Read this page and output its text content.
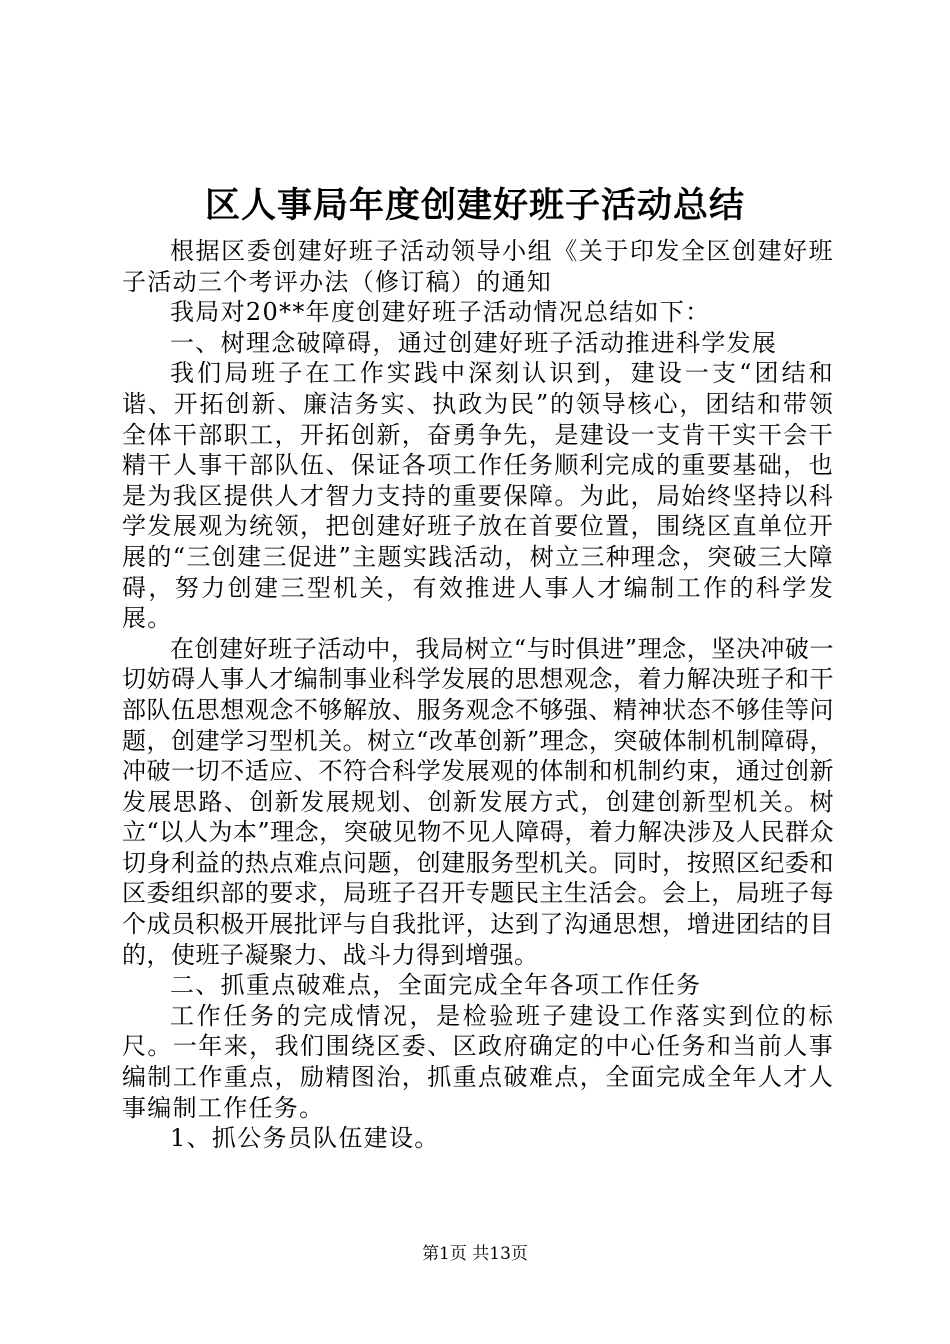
区人事局年度创建好班子活动总结

根据区委创建好班子活动领导小组《关于印发全区创建好班子活动三个考评办法（修订稿）的通知

我局对20**年度创建好班子活动情况总结如下：

一、树理念破障碍，通过创建好班子活动推进科学发展

我们局班子在工作实践中深刻认识到，建设一支“团结和谐、开拓创新、廉洁务实、执政为民”的领导核心，团结和带领全体干部职工，开拓创新，奋勇争先，是建设一支肯干实干会干精干人事干部队伍、保证各项工作任务顺利完成的重要基础，也是为我区提供人才智力支持的重要保障。为此，局始终坚持以科学发展观为统领，把创建好班子放在首要位置，围绕区直单位开展的“三创建三促进”主题实践活动，树立三种理念，突破三大障碍，努力创建三型机关，有效推进人事人才编制工作的科学发展。

在创建好班子活动中，我局树立“与时俱进”理念，坚决冲破一切妨碍人事人才编制事业科学发展的思想观念，着力解决班子和干部队伍思想观念不够解放、服务观念不够强、精神状态不够佳等问题，创建学习型机关。树立“改革创新”理念，突破体制机制障碍，冲破一切不适应、不符合科学发展观的体制和机制约束，通过创新发展思路、创新发展规划、创新发展方式，创建创新型机关。树立“以人为本”理念，突破见物不见人障碍，着力解决涉及人民群众切身利益的热点难点问题，创建服务型机关。同时，按照区纪委和区委组织部的要求，局班子召开专题民主生活会。会上，局班子每个成员积极开展批评与自我批评，达到了沟通思想，增进团结的目的，使班子凝聚力、战斗力得到增强。

二、抓重点破难点，全面完成全年各项工作任务

工作任务的完成情况，是检验班子建设工作落实到位的标尺。一年来，我们围绕区委、区政府确定的中心任务和当前人事编制工作重点，励精图治，抓重点破难点，全面完成全年人才人事编制工作任务。

1、抓公务员队伍建设。

第1页 共13页
